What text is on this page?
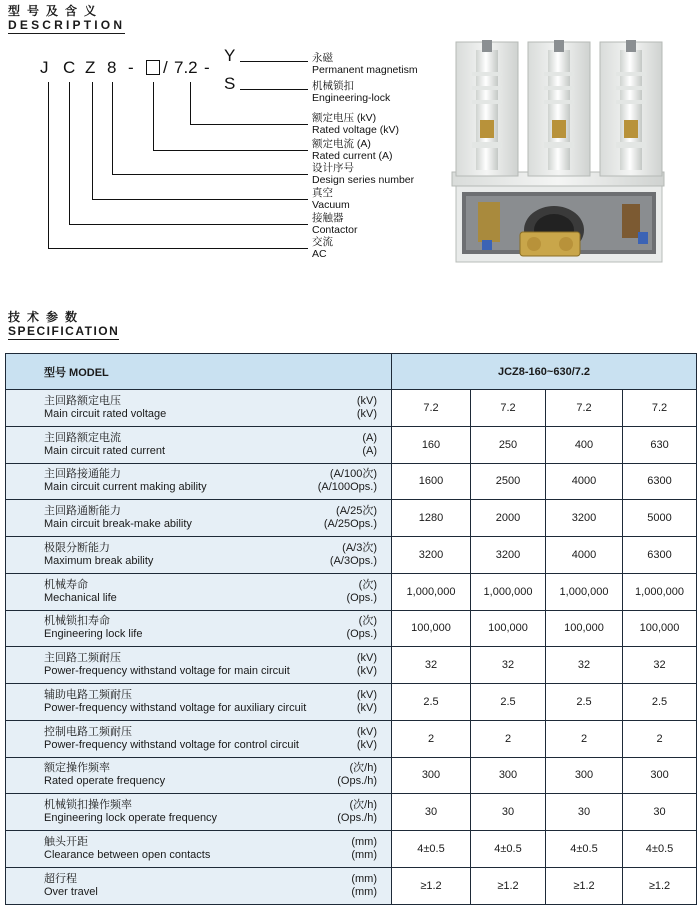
型号及含义
DESCRIPTION
J C Z 8 - / 7.2 -
Y
S
永磁
Permanent magnetism
机械锁扣
Engineering-lock
额定电压 (kV)
Rated voltage (kV)
额定电流 (A)
Rated current (A)
设计序号
Design series number
真空
Vacuum
接触器
Contactor
交流
AC
技术参数
SPECIFICATION
型号 MODEL	JCZ8-160~630/7.2			

主回路额定电压 (kV)
Main circuit rated voltage (kV)	7.2	7.2	7.2	7.2

主回路额定电流 (A)
Main circuit rated current (A)	160	250	400	630

主回路接通能力 (A/100次)
Main circuit current making ability (A/100Ops.)	1600	2500	4000	6300

主回路通断能力 (A/25次)
Main circuit break-make ability (A/25Ops.)	1280	2000	3200	5000

极限分断能力 (A/3次)
Maximum break ability (A/3Ops.)	3200	3200	4000	6300

机械寿命 (次)
Mechanical life (Ops.)	1,000,000	1,000,000	1,000,000	1,000,000

机械锁扣寿命 (次)
Engineering lock life (Ops.)	100,000	100,000	100,000	100,000

主回路工频耐压 (kV)
Power-frequency withstand voltage for main circuit (kV)	32	32	32	32

辅助电路工频耐压 (kV)
Power-frequency withstand voltage for auxiliary circuit (kV)	2.5	2.5	2.5	2.5

控制电路工频耐压 (kV)
Power-frequency withstand voltage for control circuit (kV)	2	2	2	2

额定操作频率 (次/h)
Rated operate frequency (Ops./h)	300	300	300	300

机械锁扣操作频率 (次/h)
Engineering lock operate frequency (Ops./h)	30	30	30	30

触头开距 (mm)
Clearance between open contacts (mm)	4±0.5	4±0.5	4±0.5	4±0.5

超行程 (mm)
Over travel (mm)	≥1.2	≥1.2	≥1.2	≥1.2
